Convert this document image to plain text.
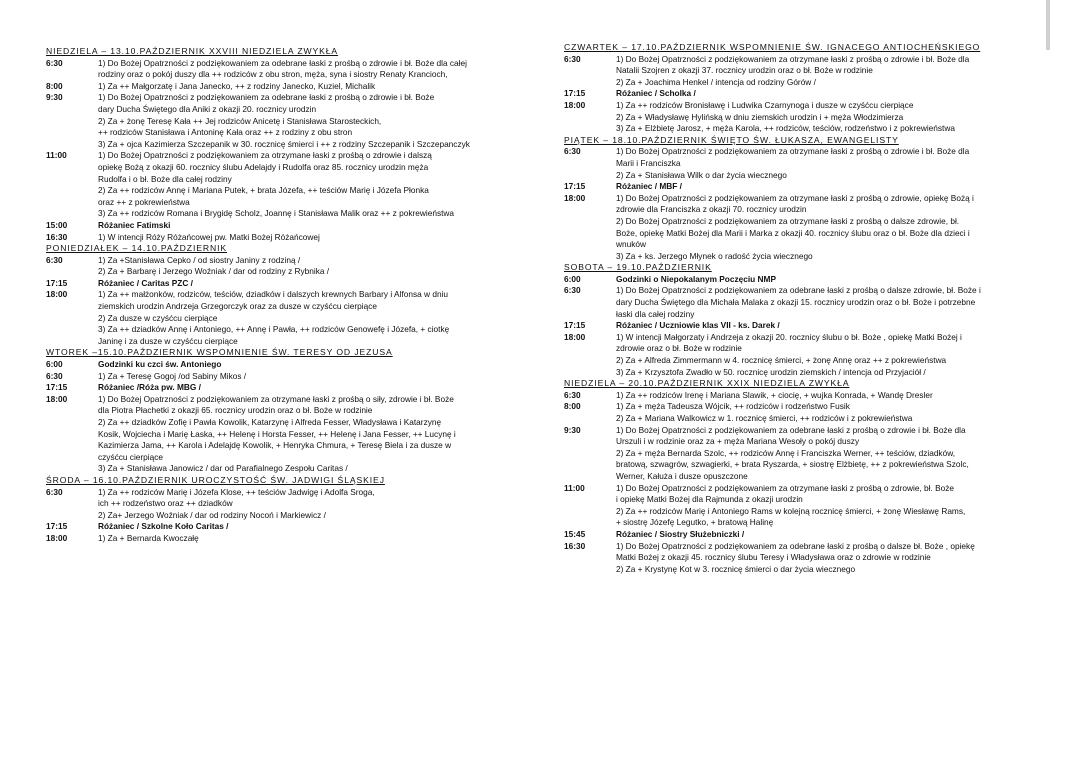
NIEDZIELA – 13.10.PAŹDZIERNIK XXVIII NIEDZIELA ZWYKŁA
6:30	1) Do Bożej Opatrzności z podziękowaniem za odebrane łaski z prośbą o zdrowie i bł. Boże dla całej
rodziny oraz o pokój duszy dla ++ rodziców z obu stron, męża, syna i siostry Renaty Krancioch,
8:00	1) Za ++ Małgorzatę i Jana Janecko, ++ z rodziny Janecko, Kuziel, Michalik
9:30	1) Do Bożej Opatrzności z podziękowaniem za odebrane łaski z prośbą o zdrowie i bł. Boże
dary Ducha Świętego dla Aniki z okazji 20. rocznicy urodzin
2) Za + żonę Teresę Kała ++ Jej rodziców Anicetę i Stanisława Starosteckich,
++ rodziców Stanisława i Antoninę Kała oraz ++ z rodziny z obu stron
3) Za + ojca Kazimierza Szczepanik w 30. rocznicę śmierci i ++ z rodziny Szczepanik i Szczepanczyk
11:00	1) Do Bożej Opatrzności z podziękowaniem za otrzymane łaski z prośbą o zdrowie i dalszą
opiekę Bożą z okazji 60. rocznicy ślubu Adelajdy i Rudolfa oraz 85. rocznicy urodzin męża
Rudolfa i o bł. Boże dla całej rodziny
2) Za ++ rodziców Annę i Mariana Putek, + brata Józefa, ++ teściów Marię i Józefa Płonka
oraz ++ z pokrewieństwa
3) Za ++ rodziców Romana i Brygidę Scholz, Joannę i Stanisława Malik oraz ++ z pokrewieństwa
15:00	Różaniec Fatimski
16:30	1) W intencji Róży Różańcowej pw. Matki Bożej Różańcowej
PONIEDZIAŁEK – 14.10.PAŹDZIERNIK
6:30	1) Za +Stanisława Cepko / od siostry Janiny z rodziną /
2) Za + Barbarę i Jerzego Woźniak / dar od rodziny z Rybnika /
17:15	Różaniec / Caritas PZC /
18:00	1) Za ++ małżonków, rodziców, teściów, dziadków i dalszych krewnych Barbary i Alfonsa w dniu
ziemskich urodzin Andrzeja Grzegorczyk oraz za dusze w czyśćcu cierpiące
2) Za dusze w czyśćcu cierpiące
3) Za ++ dziadków Annę i Antoniego, ++ Annę i Pawła, ++ rodziców Genowefę i Józefa, + ciotkę
Janinę i za dusze w czyśćcu cierpiące
WTOREK –15.10.PAŹDZIERNIK WSPOMNIENIE ŚW. TERESY OD JEZUSA
6:00	Godzinki ku czci św. Antoniego
6:30	1) Za + Teresę Gogoj /od Sabiny Mikos /
17:15	Różaniec /Róża pw. MBG /
18:00	1) Do Bożej Opatrzności z podziękowaniem za otrzymane łaski z prośbą o siły, zdrowie i bł. Boże
dla Piotra Płachetki z okazji 65. rocznicy urodzin oraz o bł. Boże w rodzinie
2) Za ++ dziadków Zofię i Pawła Kowolik, Katarzynę i Alfreda Fesser, Władysława i Katarzynę
Kosik, Wojciecha i Marię Łaska, ++ Helenę i Horsta Fesser, ++ Helenę i Jana Fesser, ++ Lucynę i
Kazimierza Jama, ++ Karola i Adelajdę Kowolik, + Henryka Chmura, + Teresę Biela i za dusze w
czyśćcu cierpiące
3) Za + Stanisława Janowicz / dar od Parafialnego Zespołu Caritas /
ŚRODA – 16.10.PAŹDZIERNIK UROCZYSTOŚĆ ŚW. JADWIGI ŚLĄSKIEJ
6:30	1) Za ++ rodziców Marię i Józefa Klose, ++ teściów Jadwigę i Adolfa Sroga,
ich ++ rodzeństwo oraz ++ dziadków
2) Za+ Jerzego Woźniak / dar od rodziny Nocoń i Markiewicz /
17:15	Różaniec / Szkolne Koło Caritas /
18:00	1) Za + Bernarda Kwoczałę
CZWARTEK – 17.10.PAŹDZIERNIK WSPOMNIENIE ŚW. IGNACEGO ANTIOCHEŃSKIEGO
6:30	1) Do Bożej Opatrzności z podziękowaniem za otrzymane łaski z prośbą o zdrowie i bł. Boże dla
Natalii Szojren z okazji 37. rocznicy urodzin oraz o bł. Boże w rodzinie
2) Za + Joachima Henkel / intencja od rodziny Górów /
17:15	Różaniec / Scholka /
18:00	1) Za ++ rodziców Bronisławę i Ludwika Czarnynoga i dusze w czyśćcu cierpiące
2) Za + Władysławę Hylińską w dniu ziemskich urodzin i + męża Włodzimierza
3) Za + Elżbietę Jarosz, + męża Karola, ++ rodziców, teściów, rodzeństwo i z pokrewieństwa
PIĄTEK – 18.10.PAŹDZIERNIK ŚWIĘTO ŚW. ŁUKASZA, EWANGELISTY
6:30	1) Do Bożej Opatrzności z podziękowaniem za otrzymane łaski z prośbą o zdrowie i bł. Boże dla
Marii i Franciszka
2) Za + Stanisława Wilk o dar życia wiecznego
17:15	Różaniec / MBF /
18:00	1) Do Bożej Opatrzności z podziękowaniem za otrzymane łaski z prośbą o zdrowie, opiekę Bożą i
zdrowie dla Franciszka z okazji 70. rocznicy urodzin
2) Do Bożej Opatrzności z podziękowaniem za otrzymane łaski z prośbą o dalsze zdrowie, bł.
Boże, opiekę Matki Bożej dla Marii i Marka z okazji 40. rocznicy ślubu oraz o bł. Boże dla dzieci i
wnuków
3) Za + ks. Jerzego Młynek o radość życia wiecznego
SOBOTA – 19.10.PAŹDZIERNIK
6:00	Godzinki o Niepokalanym Poczęciu NMP
6:30	1) Do Bożej Opatrzności z podziękowaniem za odebrane łaski z prośbą o dalsze zdrowie, bł. Boże i
dary Ducha Świętego dla Michała Malaka z okazji 15. rocznicy urodzin oraz o bł. Boże i potrzebne
łaski dla całej rodziny
17:15	Różaniec / Uczniowie klas VII - ks. Darek /
18:00	1) W intencji Małgorzaty i Andrzeja z okazji 20. rocznicy ślubu o bł. Boże , opiekę Matki Bożej i
zdrowie oraz o bł. Boże w rodzinie
2) Za + Alfreda Zimmermann w 4. rocznicę śmierci, + żonę Annę oraz ++ z pokrewieństwa
3) Za + Krzysztofa Zwadło w 50. rocznicę urodzin ziemskich / intencja od Przyjaciół /
NIEDZIELA – 20.10.PAŹDZIERNIK XXIX NIEDZIELA ZWYKŁA
6:30	1) Za ++ rodziców Irenę i Mariana Slawik, + ciocię, + wujka Konrada, + Wandę Dresler
8:00	1) Za + męża Tadeusza Wójcik, ++ rodziców i rodzeństwo Fusik
2) Za + Mariana Walkowicz w 1. rocznicę śmierci, ++ rodziców i z pokrewieństwa
9:30	1) Do Bożej Opatrzności z podziękowaniem za odebrane łaski z prośbą o zdrowie i bł. Boże dla
Urszuli i w rodzinie oraz za + męża Mariana Wesoły o pokój duszy
2) Za + męża Bernarda Szolc, ++ rodziców Annę i Franciszka Werner, ++ teściów, dziadków,
bratową, szwagrów, szwagierki, + brata Ryszarda, + siostrę Elżbietę, ++ z pokrewieństwa Szolc,
Werner, Kałuża i dusze opuszczone
11:00	1) Do Bożej Opatrzności z podziękowaniem za otrzymane łaski z prośbą o zdrowie, bł. Boże
i opiekę Matki Bożej dla Rajmunda z okazji urodzin
2) Za ++ rodziców Marię i Antoniego Rams w kolejną rocznicę śmierci, + żonę Wiesławę Rams,
+ siostrę Józefę Legutko, + bratową Halinę
15:45	Różaniec / Siostry Służebniczki /
16:30	1) Do Bożej Opatrzności z podziękowaniem za odebrane łaski z prośbą o dalsze bł. Boże , opiekę
Matki Bożej z okazji 45. rocznicy ślubu Teresy i Władysława oraz o zdrowie w rodzinie
2) Za + Krystynę Kot w 3. rocznicę śmierci o dar życia wiecznego
